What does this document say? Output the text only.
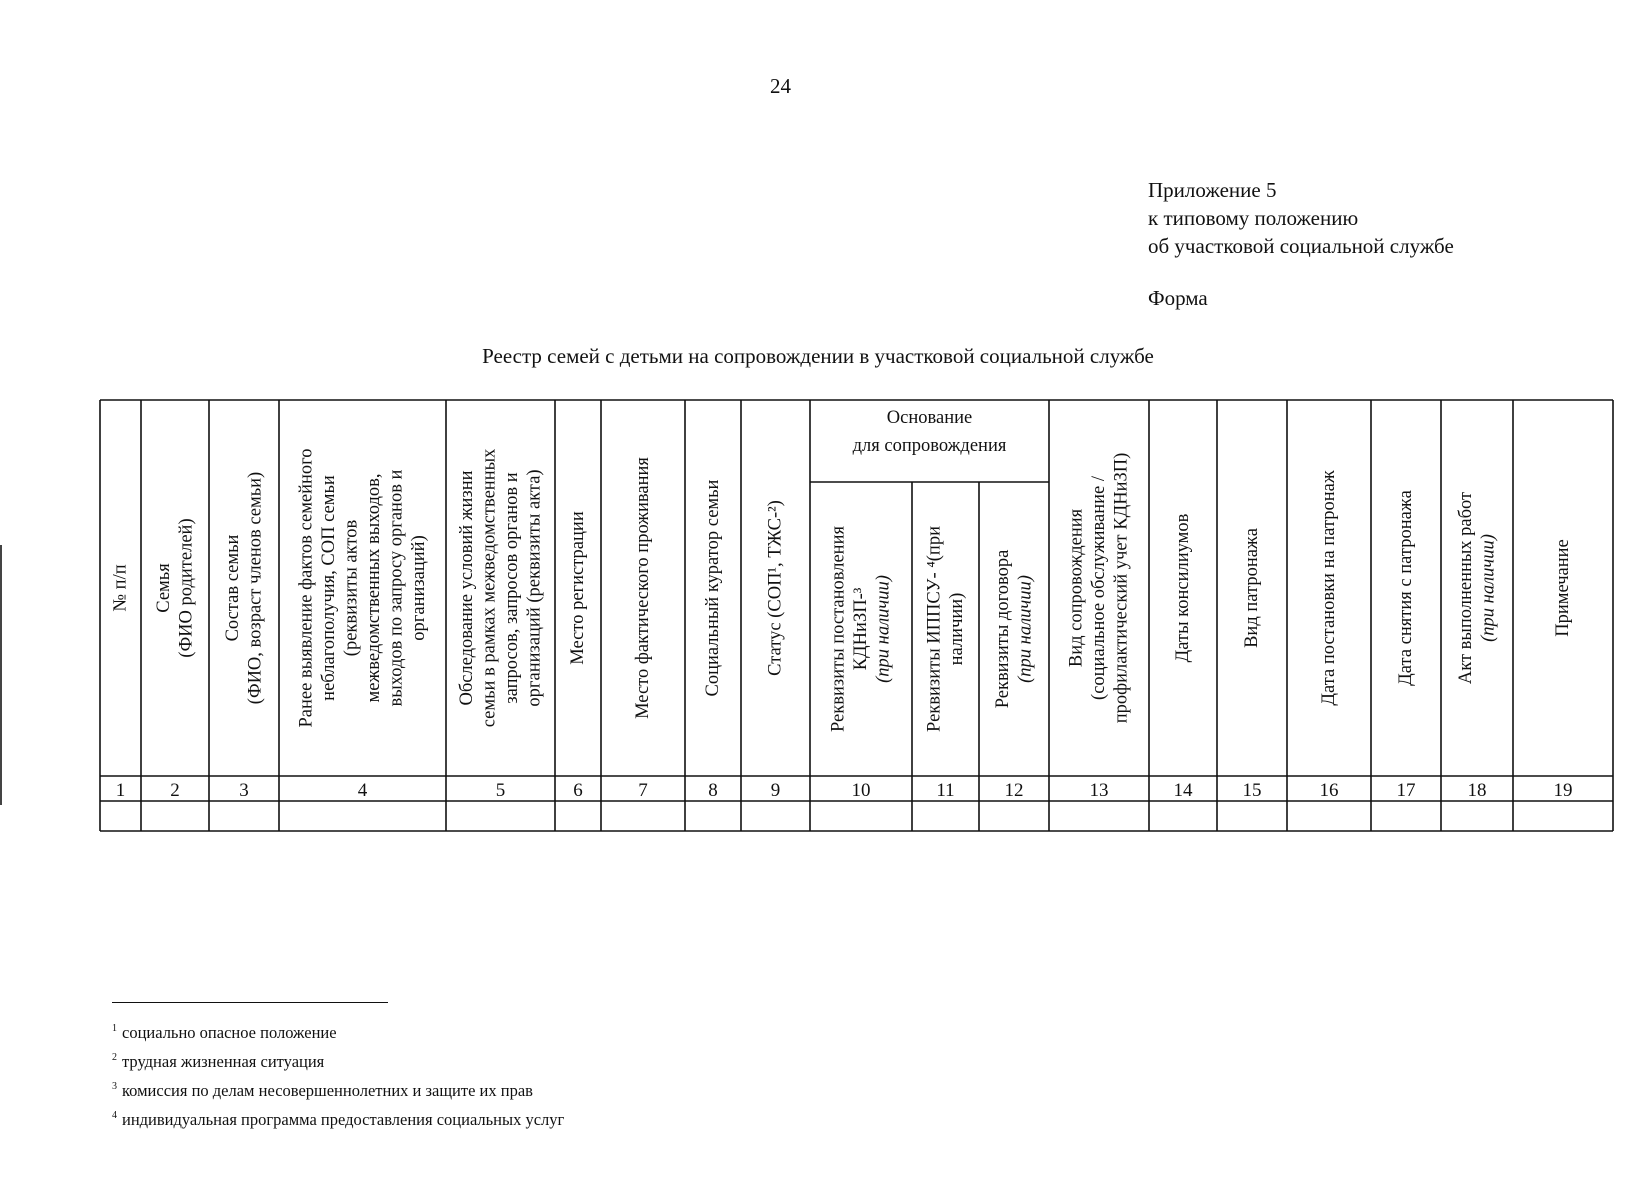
24
Приложение 5
к типовому положению
об участковой социальной службе
Форма
Реестр семей с детьми на сопровождении в участковой социальной службе
Основание
для сопровождения
№ п/п
1
Семья (ФИО родителей)
2
Состав семьи (ФИО, возраст членов семьи)
3
Ранее выявление фактов семейного неблагополучия, СОП семьи (реквизиты актов межведомственных выходов, выходов по запросу органов и организаций)
4
Обследование условий жизни семьи в рамках межведомственных запросов, запросов органов и организаций (реквизиты акта)
5
Место регистрации
6
Место фактического проживания
7
Социальный куратор семьи
8
Статус (СОП¹, ТЖС-²)
9
Реквизиты постановления КДНиЗП-³ (при наличии)
10
Реквизиты ИППСУ- ⁴(при наличии)
11
Реквизиты договора (при наличии)
12
Вид сопровождения (социальное обслуживание / профилактический учет КДНиЗП)
13
Даты консилиумов
14
Вид патронажа
15
Дата постановки на патронаж
16
Дата снятия с патронажа
17
Акт выполненных работ (при наличии)
18
Примечание
19
$^1$ социально опасное положение
$^2$ трудная жизненная ситуация
$^3$ комиссия по делам несовершеннолетних и защите их прав
$^4$ индивидуальная программа предоставления социальных услуг
